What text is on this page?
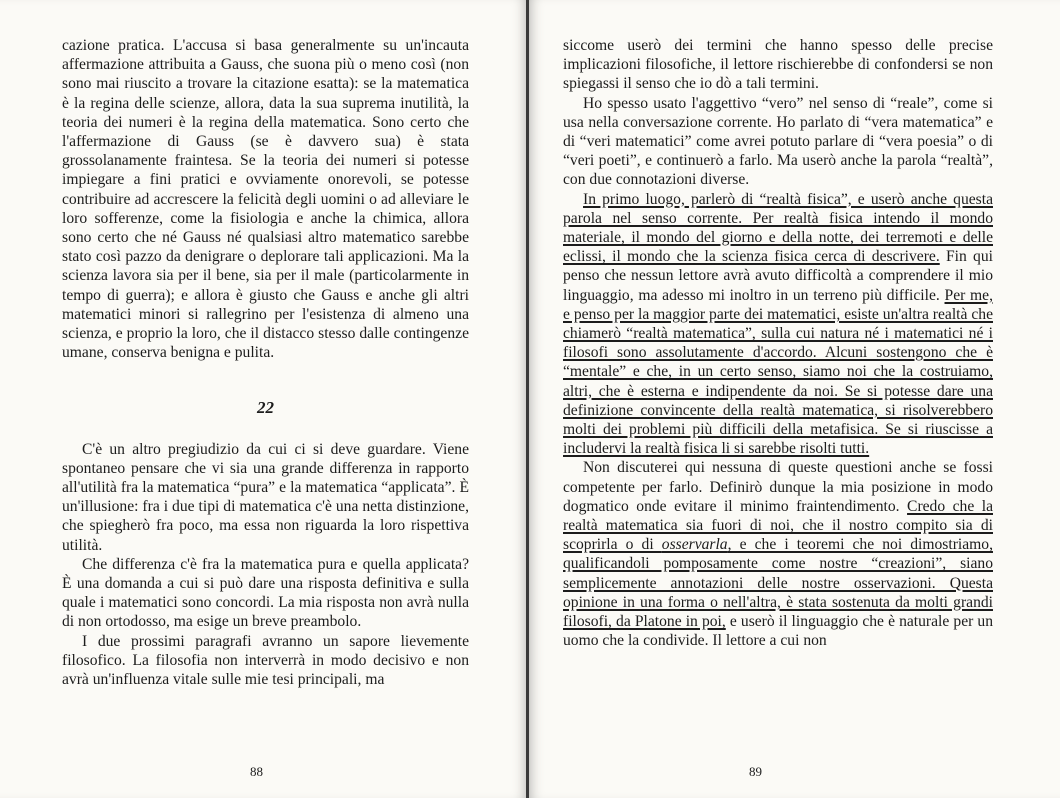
cazione pratica. L'accusa si basa generalmente su un'incauta affermazione attribuita a Gauss, che suona più o meno così (non sono mai riuscito a trovare la citazione esatta): se la matematica è la regina delle scienze, allora, data la sua suprema inutilità, la teoria dei numeri è la regina della matematica. Sono certo che l'affermazione di Gauss (se è davvero sua) è stata grossolanamente fraintesa. Se la teoria dei numeri si potesse impiegare a fini pratici e ovviamente onorevoli, se potesse contribuire ad accrescere la felicità degli uomini o ad alleviare le loro sofferenze, come la fisiologia e anche la chimica, allora sono certo che né Gauss né qualsiasi altro matematico sarebbe stato così pazzo da denigrare o deplorare tali applicazioni. Ma la scienza lavora sia per il bene, sia per il male (particolarmente in tempo di guerra); e allora è giusto che Gauss e anche gli altri matematici minori si rallegrino per l'esistenza di almeno una scienza, e proprio la loro, che il distacco stesso dalle contingenze umane, conserva benigna e pulita.

22

C'è un altro pregiudizio da cui ci si deve guardare. Viene spontaneo pensare che vi sia una grande differenza in rapporto all'utilità fra la matematica “pura” e la matematica “applicata”. È un'illusione: fra i due tipi di matematica c'è una netta distinzione, che spiegherò fra poco, ma essa non riguarda la loro rispettiva utilità.

Che differenza c'è fra la matematica pura e quella applicata? È una domanda a cui si può dare una risposta definitiva e sulla quale i matematici sono concordi. La mia risposta non avrà nulla di non ortodosso, ma esige un breve preambolo.

I due prossimi paragrafi avranno un sapore lievemente filosofico. La filosofia non interverrà in modo decisivo e non avrà un'influenza vitale sulle mie tesi principali, ma

88

siccome userò dei termini che hanno spesso delle precise implicazioni filosofiche, il lettore rischierebbe di confondersi se non spiegassi il senso che io dò a tali termini.

Ho spesso usato l'aggettivo “vero” nel senso di “reale”, come si usa nella conversazione corrente. Ho parlato di “vera matematica” e di “veri matematici” come avrei potuto parlare di “vera poesia” o di “veri poeti”, e continuerò a farlo. Ma userò anche la parola “realtà”, con due connotazioni diverse.

In primo luogo, parlerò di “realtà fisica”, e userò anche questa parola nel senso corrente. Per realtà fisica intendo il mondo materiale, il mondo del giorno e della notte, dei terremoti e delle eclissi, il mondo che la scienza fisica cerca di descrivere. Fin qui penso che nessun lettore avrà avuto difficoltà a comprendere il mio linguaggio, ma adesso mi inoltro in un terreno più difficile. Per me, e penso per la maggior parte dei matematici, esiste un'altra realtà che chiamerò “realtà matematica”, sulla cui natura né i matematici né i filosofi sono assolutamente d'accordo. Alcuni sostengono che è “mentale” e che, in un certo senso, siamo noi che la costruiamo, altri, che è esterna e indipendente da noi. Se si potesse dare una definizione convincente della realtà matematica, si risolverebbero molti dei problemi più difficili della metafisica. Se si riuscisse a includervi la realtà fisica li si sarebbe risolti tutti.

Non discuterei qui nessuna di queste questioni anche se fossi competente per farlo. Definirò dunque la mia posizione in modo dogmatico onde evitare il minimo fraintendimento. Credo che la realtà matematica sia fuori di noi, che il nostro compito sia di scoprirla o di osservarla, e che i teoremi che noi dimostriamo, qualificandoli pomposamente come nostre “creazioni”, siano semplicemente annotazioni delle nostre osservazioni. Questa opinione in una forma o nell'altra, è stata sostenuta da molti grandi filosofi, da Platone in poi, e userò il linguaggio che è naturale per un uomo che la condivide. Il lettore a cui non

89
